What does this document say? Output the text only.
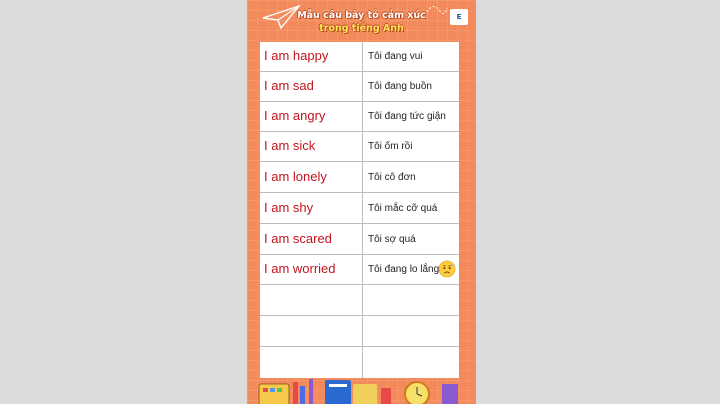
E
Mẫu câu bày tỏ cảm xúc
trong tiếng Anh
I am happy	Tôi đang vui
I am sad	Tôi đang buồn
I am angry	Tôi đang tức giận
I am sick	Tôi ốm rồi
I am lonely	Tôi cô đơn
I am shy	Tôi mắc cỡ quá
I am scared	Tôi sợ quá
I am worried	Tôi đang lo lắng
